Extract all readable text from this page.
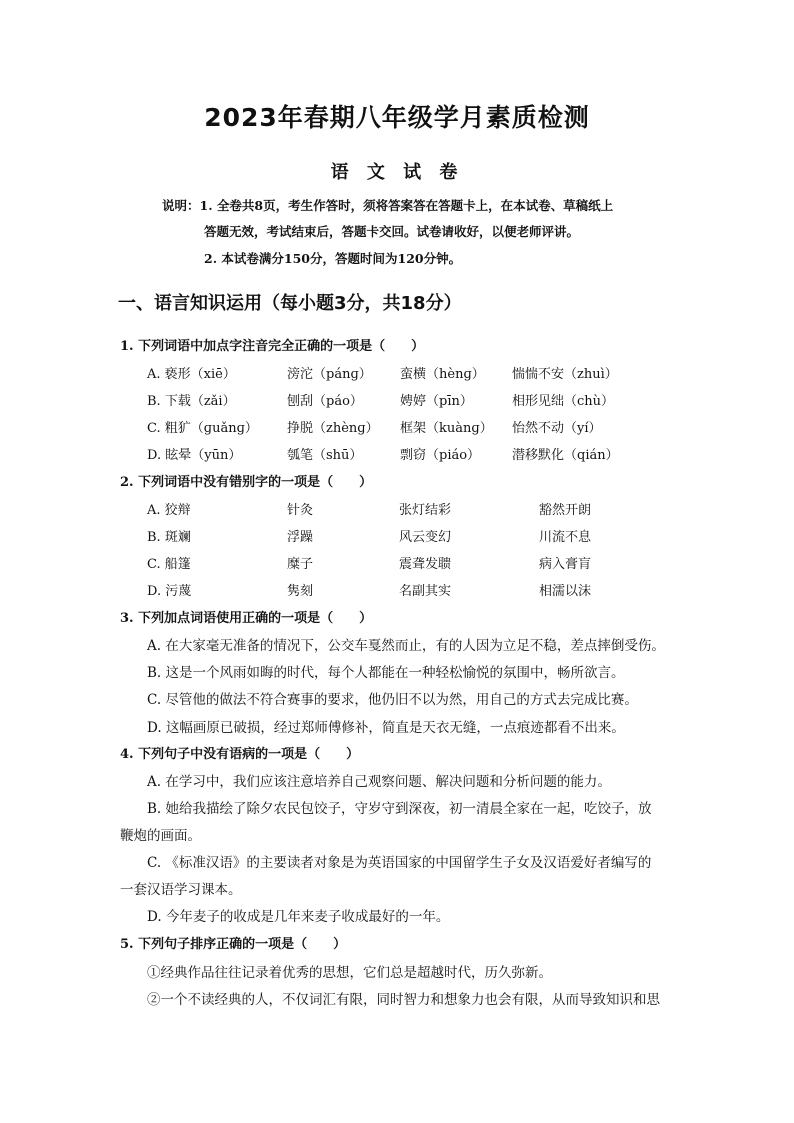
2023年春期八年级学月素质检测
语 文 试 卷
说明：1. 全卷共8页，考生作答时，须将答案答在答题卡上，在本试卷、草稿纸上
答题无效，考试结束后，答题卡交回。试卷请收好，以便老师评讲。
2. 本试卷满分150分，答题时间为120分钟。
一、语言知识运用（每小题3分，共18分）
1. 下列词语中加点字注音完全正确的一项是（　　）
A. 亵形（xiē）	滂沱（pánɡ） 蛮横（hènɡ） 惴惴不安（zhuì）
B. 下载（zǎi）	刨刮（páo）	娉婷（pīn）	相形见绌（chù）
C. 粗犷（ɡuǎnɡ） 挣脱（zhènɡ） 框架（kuànɡ） 怡然不动（yí）
D. 眩晕（yūn）	瓠笔（shū）	剽窃（piáo） 潜移默化（qián）
2. 下列词语中没有错别字的一项是（　　）
A. 狡辩	针灸	张灯结彩	豁然开朗
B. 斑斓	浮躁	风云变幻	川流不息
C. 船篷	糜子	震聋发聩	病入膏肓
D. 污蔑	隽刻	名副其实	相濡以沫
3. 下列加点词语使用正确的一项是（　　）
A. 在大家毫无准备的情况下，公交车戛然而止，有的人因为立足不稳，差点摔倒受伤。
B. 这是一个风雨如晦的时代，每个人都能在一种轻松愉悦的氛围中，畅所欲言。
C. 尽管他的做法不符合赛事的要求，他仍旧不以为然，用自己的方式去完成比赛。
D. 这幅画原已破损，经过郑师傅修补，简直是天衣无缝，一点痕迹都看不出来。
4. 下列句子中没有语病的一项是（　　）
A. 在学习中，我们应该注意培养自己观察问题、解决问题和分析问题的能力。
B. 她给我描绘了除夕农民包饺子，守岁守到深夜，初一清晨全家在一起，吃饺子，放
鞭炮的画面。
C. 《标准汉语》的主要读者对象是为英语国家的中国留学生子女及汉语爱好者编写的
一套汉语学习课本。
D. 今年麦子的收成是几年来麦子收成最好的一年。
5. 下列句子排序正确的一项是（　　）
①经典作品往往记录着优秀的思想，它们总是超越时代，历久弥新。
②一个不读经典的人，不仅词汇有限，同时智力和想象力也会有限，从而导致知识和思
